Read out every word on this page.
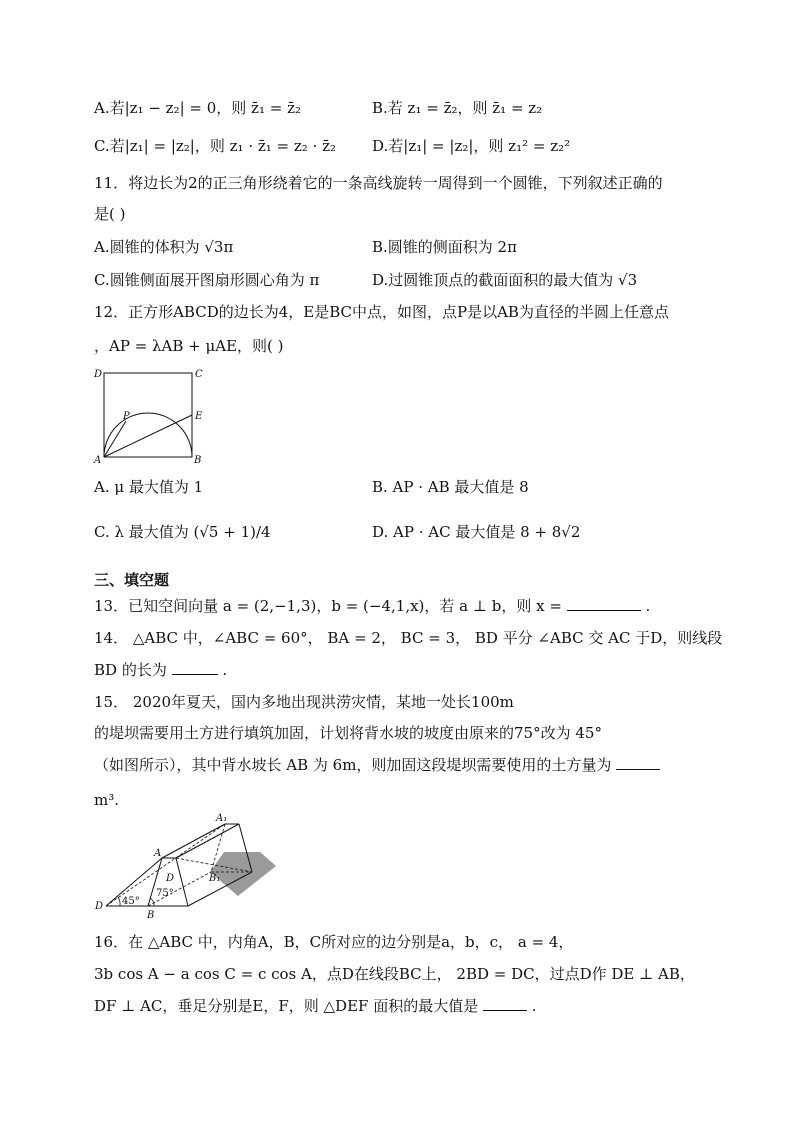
A.若|z₁ − z₂| = 0，则 z̄₁ = z̄₂	B.若 z₁ = z̄₂，则 z̄₁ = z₂
C.若|z₁| = |z₂|，则 z₁ · z̄₁ = z₂ · z̄₂ D.若|z₁| = |z₂|，则 z₁² = z₂²
11．将边长为2的正三角形绕着它的一条高线旋转一周得到一个圆锥，下列叙述正确的
是( )
A.圆锥的体积为 √3π	B.圆锥的侧面积为 2π
C.圆锥侧面展开图扇形圆心角为 π	D.过圆锥顶点的截面面积的最大值为 √3
12．正方形ABCD的边长为4，E是BC中点，如图，点P是以AB为直径的半圆上任意点
，AP = λAB + μAE，则( )
D	C
P	E
A	B
A. μ 最大值为 1	B. AP · AB 最大值是 8
C. λ 最大值为 (√5 + 1)/4	D. AP · AC 最大值是 8 + 8√2
三、填空题
13．已知空间向量 a = (2,−1,3)，b = (−4,1,x)，若 a ⊥ b，则 x =	.
14． △ABC 中，∠ABC = 60°， BA = 2， BC = 3， BD 平分 ∠ABC 交 AC 于D，则线段
BD 的长为	.
15． 2020年夏天，国内多地出现洪涝灾情，某地一处长100m
的堤坝需要用土方进行填筑加固，计划将背水坡的坡度由原来的75°改为 45°
（如图所示），其中背水坡长 AB 为 6m，则加固这段堤坝需要使用的土方量为
m³.
A₁
A
D	B₁
D
B
45°
75°
16．在 △ABC 中，内角A，B，C所对应的边分别是a，b，c， a = 4，
3b cos A − a cos C = c cos A，点D在线段BC上， 2BD = DC，过点D作 DE ⊥ AB，
DF ⊥ AC，垂足分别是E，F，则 △DEF 面积的最大值是	.
